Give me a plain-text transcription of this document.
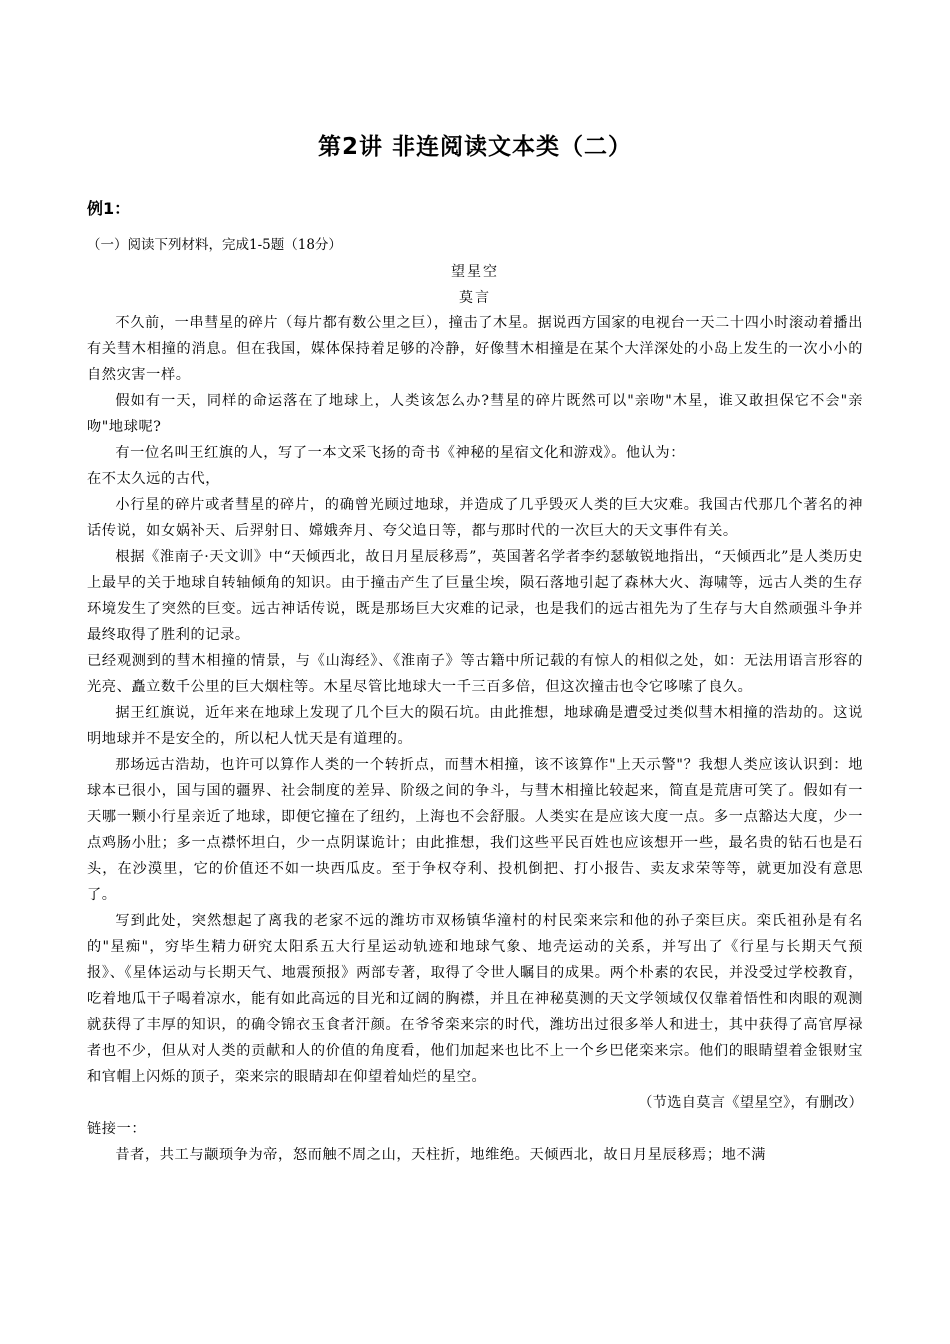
第2讲 非连阅读文本类（二）
例1：
（一）阅读下列材料，完成1-5题（18分）
望星空
莫言

不久前，一串彗星的碎片（每片都有数公里之巨），撞击了木星。据说西方国家的电视台一天二十四小时滚动着播出有关彗木相撞的消息。但在我国，媒体保持着足够的冷静，好像彗木相撞是在某个大洋深处的小岛上发生的一次小小的自然灾害一样。

假如有一天，同样的命运落在了地球上，人类该怎么办?彗星的碎片既然可以"亲吻"木星，谁又敢担保它不会"亲吻"地球呢?

有一位名叫王红旗的人，写了一本文采飞扬的奇书《神秘的星宿文化和游戏》。他认为：

在不太久远的古代，

小行星的碎片或者彗星的碎片，的确曾光顾过地球，并造成了几乎毁灭人类的巨大灾难。我国古代那几个著名的神话传说，如女娲补天、后羿射日、嫦娥奔月、夸父追日等，都与那时代的一次巨大的天文事件有关。

根据《淮南子·天文训》中“天倾西北，故日月星辰移焉”，英国著名学者李约瑟敏锐地指出，“天倾西北”是人类历史上最早的关于地球自转轴倾角的知识。由于撞击产生了巨量尘埃，陨石落地引起了森林大火、海啸等，远古人类的生存环境发生了突然的巨变。远古神话传说，既是那场巨大灾难的记录，也是我们的远古祖先为了生存与大自然顽强斗争并最终取得了胜利的记录。

已经观测到的彗木相撞的情景，与《山海经》、《淮南子》等古籍中所记载的有惊人的相似之处，如：无法用语言形容的光亮、矗立数千公里的巨大烟柱等。木星尽管比地球大一千三百多倍，但这次撞击也令它哆嗦了良久。

据王红旗说，近年来在地球上发现了几个巨大的陨石坑。由此推想，地球确是遭受过类似彗木相撞的浩劫的。这说明地球并不是安全的，所以杞人忧天是有道理的。

那场远古浩劫，也许可以算作人类的一个转折点，而彗木相撞，该不该算作"上天示警"？我想人类应该认识到：地球本已很小，国与国的疆界、社会制度的差异、阶级之间的争斗，与彗木相撞比较起来，简直是荒唐可笑了。假如有一天哪一颗小行星亲近了地球，即便它撞在了纽约，上海也不会舒服。人类实在是应该大度一点。多一点豁达大度，少一点鸡肠小肚；多一点襟怀坦白，少一点阴谋诡计；由此推想，我们这些平民百姓也应该想开一些，最名贵的钻石也是石头，在沙漠里，它的价值还不如一块西瓜皮。至于争权夺利、投机倒把、打小报告、卖友求荣等等，就更加没有意思了。

写到此处，突然想起了离我的老家不远的潍坊市双杨镇华潼村的村民栾来宗和他的孙子栾巨庆。栾氏祖孙是有名的"星痴"，穷毕生精力研究太阳系五大行星运动轨迹和地球气象、地壳运动的关系，并写出了《行星与长期天气预报》、《星体运动与长期天气、地震预报》两部专著，取得了令世人瞩目的成果。两个朴素的农民，并没受过学校教育，吃着地瓜干子喝着凉水，能有如此高远的目光和辽阔的胸襟，并且在神秘莫测的天文学领域仅仅靠着悟性和肉眼的观测就获得了丰厚的知识，的确令锦衣玉食者汗颜。在爷爷栾来宗的时代，潍坊出过很多举人和进士，其中获得了高官厚禄者也不少，但从对人类的贡献和人的价值的角度看，他们加起来也比不上一个乡巴佬栾来宗。他们的眼睛望着金银财宝和官帽上闪烁的顶子，栾来宗的眼睛却在仰望着灿烂的星空。

（节选自莫言《望星空》，有删改）

链接一：

昔者，共工与颛顼争为帝，怒而触不周之山，天柱折，地维绝。天倾西北，故日月星辰移焉；地不满
